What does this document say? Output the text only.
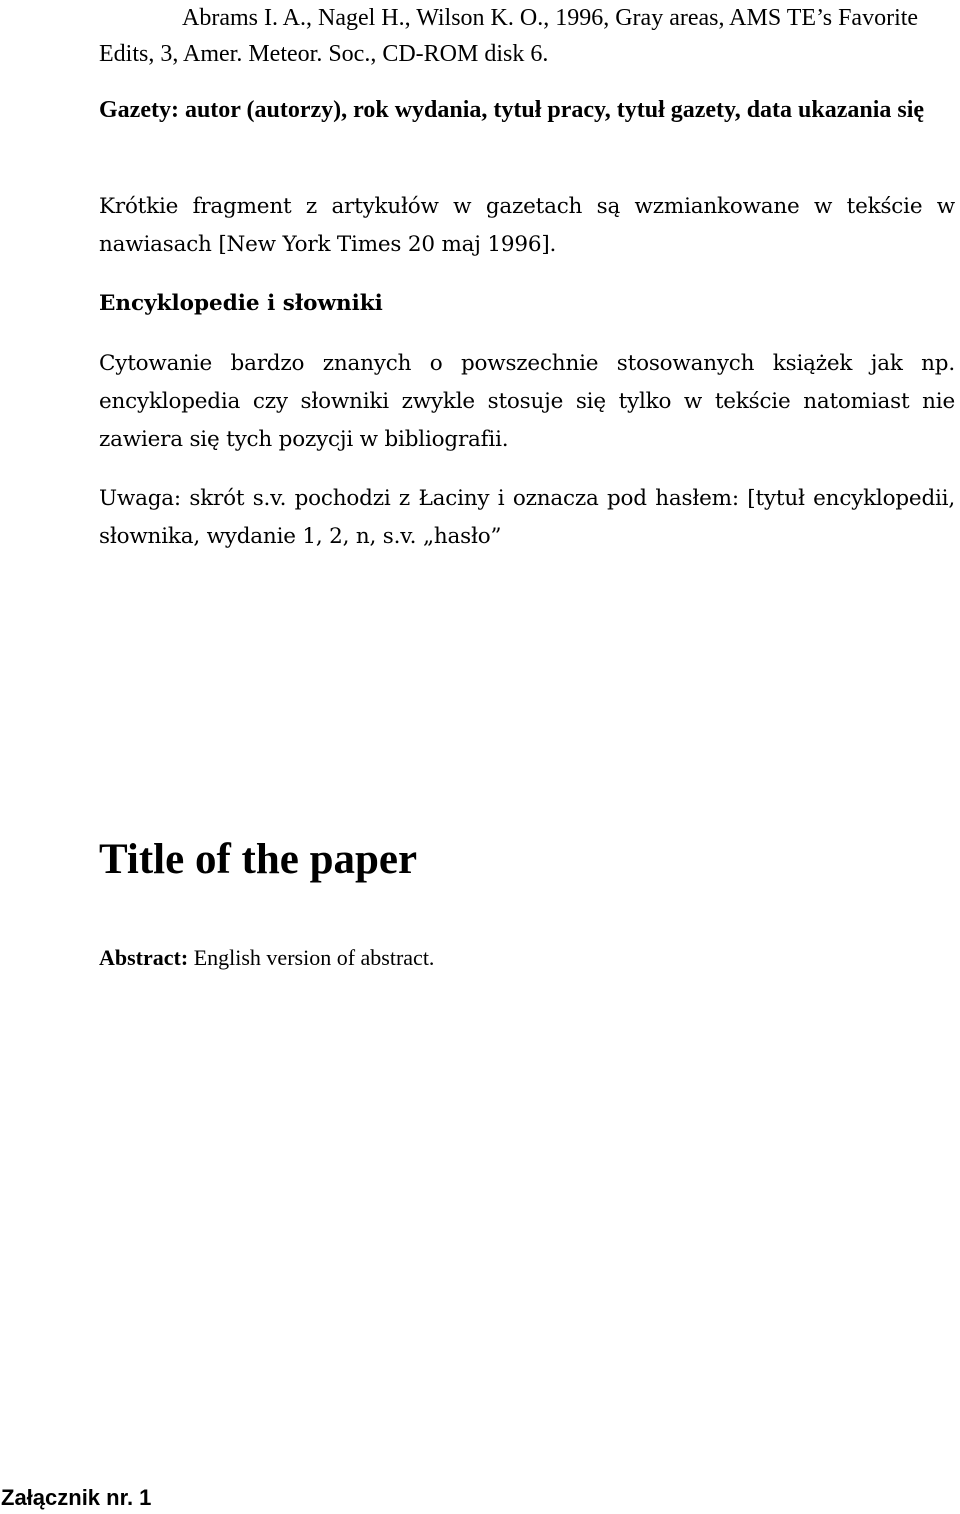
Abrams I. A., Nagel H., Wilson K. O., 1996, Gray areas, AMS TE’s Favorite Edits, 3, Amer. Meteor. Soc., CD-ROM disk 6.

Gazety: autor (autorzy), rok wydania, tytuł pracy, tytuł gazety, data ukazania się

Krótkie fragment z artykułów w gazetach są wzmiankowane w tekście w nawiasach [New York Times 20 maj 1996].

Encyklopedie i słowniki

Cytowanie bardzo znanych o powszechnie stosowanych książek jak np. encyklopedia czy słowniki zwykle stosuje się tylko w tekście natomiast nie zawiera się tych pozycji w bibliografii.

Uwaga: skrót s.v. pochodzi z Łaciny i oznacza pod hasłem: [tytuł encyklopedii, słownika, wydanie 1, 2, n, s.v. „hasło”

Title of the paper

Abstract: English version of abstract.

Załącznik nr. 1
